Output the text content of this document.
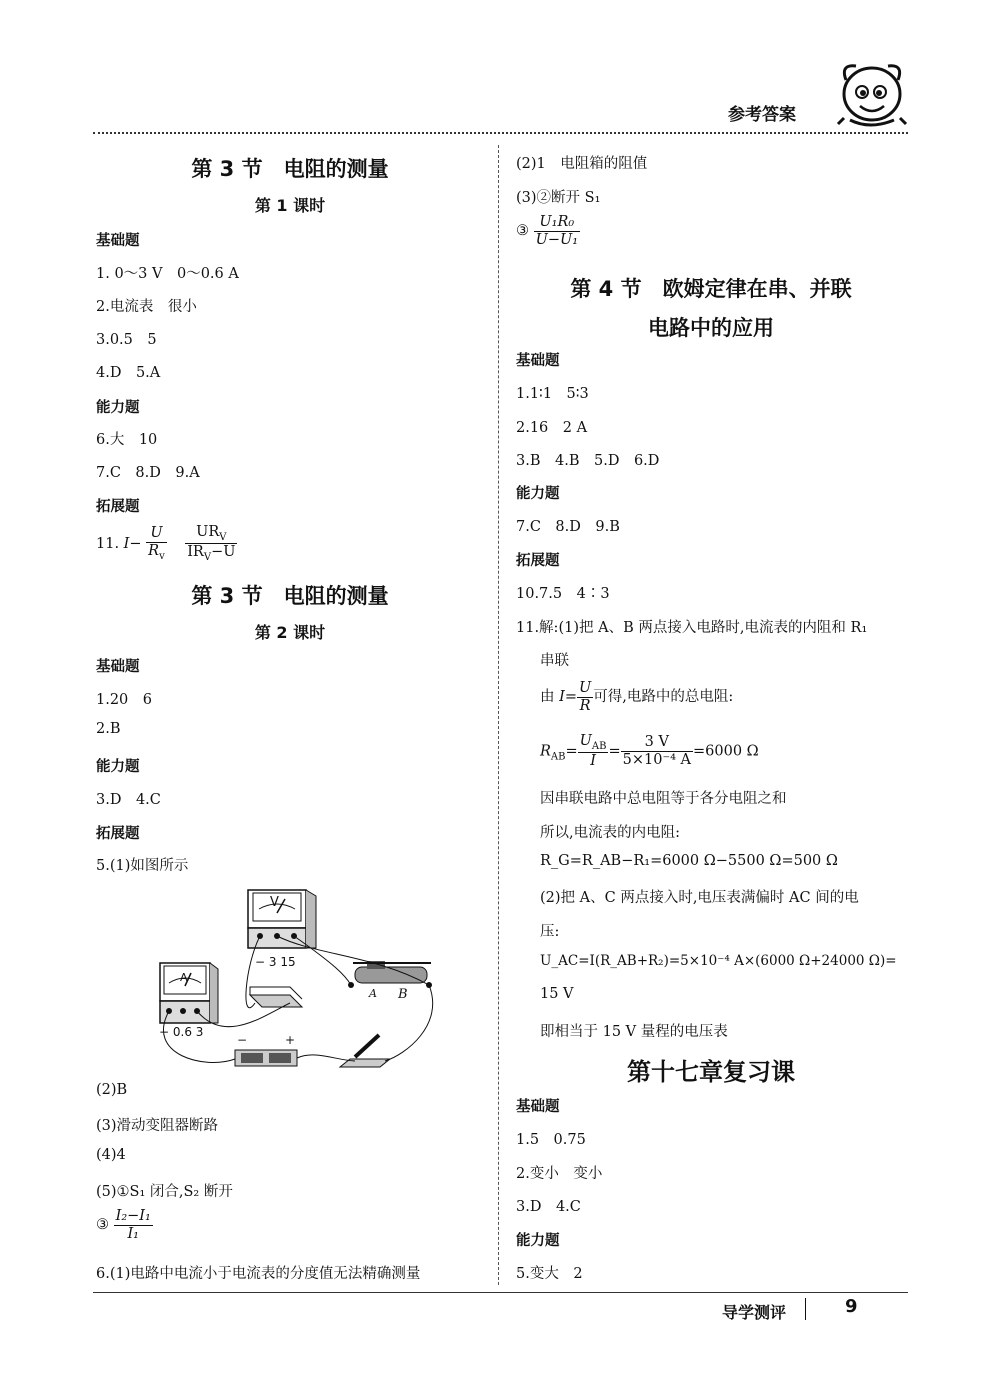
参考答案
第 3 节　电阻的测量
第 1 课时
基础题
1. 0～3 V　0～0.6 A
2.电流表　很小
3.0.5　5
4.D　5.A
能力题
6.大　10
7.C　8.D　9.A
拓展题
11. $I- \frac{U}{R_v}$
$\frac{UR_V}{IR_V-U}$
第 3 节　电阻的测量
第 2 课时
基础题
1.20　6
2.B
能力题
3.D　4.C
拓展题
5.(1)如图所示
V
A
− 3 15
− 0.6 3
A B
−	+
(2)B
(3)滑动变阻器断路
(4)4
(5)①S₁ 闭合,S₂ 断开
③ $\frac{\text{I₂−I₁}}{\text{I₁}}$
6.(1)电路中电流小于电流表的分度值无法精确测量
(2)1　电阻箱的阻值
(3)②断开 S₁
③ $\frac{\text{U₁R₀}}{\text{U−U₁}}$
第 4 节　欧姆定律在串、并联
电路中的应用
基础题
1.1∶1　5∶3
2.16　2 A
3.B　4.B　5.D　6.D
能力题
7.C　8.D　9.B
拓展题
10.7.5　4∶3
11.解:(1)把 A、B 两点接入电路时,电流表的内阻和 R₁
串联
由 $I= \frac{U}{R}$ 可得,电路中的总电阻:
$R_{AB}= \frac{U_{AB}}{I} = \frac{3 V}{\text{5×10⁻⁴ A}} =6000$ Ω
因串联电路中总电阻等于各分电阻之和
所以,电流表的内电阻:
R_G=R_AB−R₁=6000 Ω−5500 Ω=500 Ω
(2)把 A、C 两点接入时,电压表满偏时 AC 间的电
压:
U_AC=I(R_AB+R₂)=5×10⁻⁴ A×(6000 Ω+24000 Ω)=
15 V
即相当于 15 V 量程的电压表
第十七章复习课
基础题
1.5　0.75
2.变小　变小
3.D　4.C
能力题
5.变大　2
导学测评	9
